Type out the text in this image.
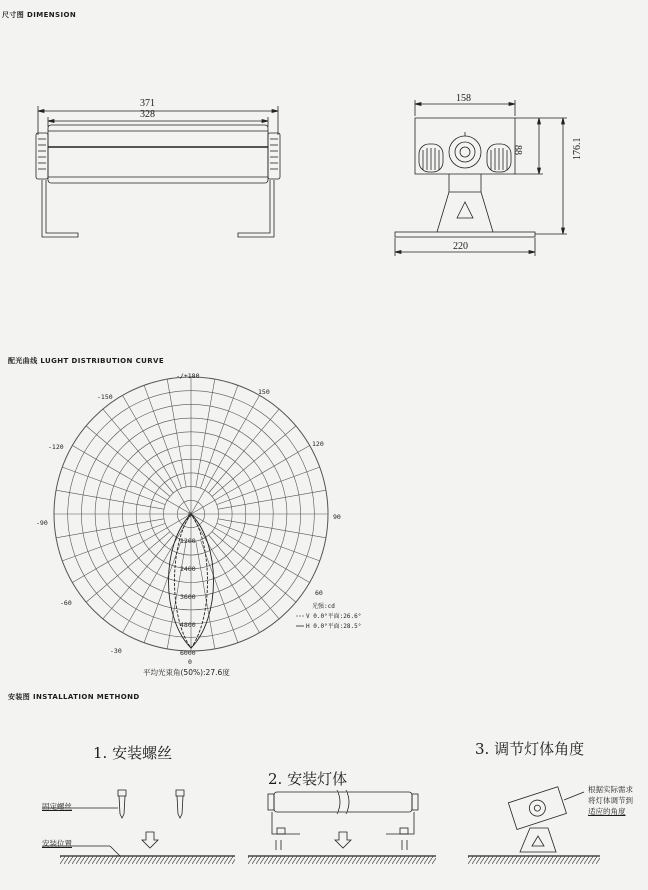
尺寸图 DIMENSION
371
328
158
88	176.1
220
配光曲线 LUGHT DISTRIBUTION CURVE
-/+180
150
120
90
60
-30
-60
-90
-120
-150
0
1200
2400
3600
4800
6000
0
光强:cd
V 0.0°平面:26.6°
H 0.0°平面:28.5°
平均光束角(50%):27.6度
安装图 INSTALLATION METHOND
1. 安装螺丝
2. 安装灯体
3. 调节灯体角度
固定螺丝
安装位置
根据实际需求
将灯体调节到
适应的角度
